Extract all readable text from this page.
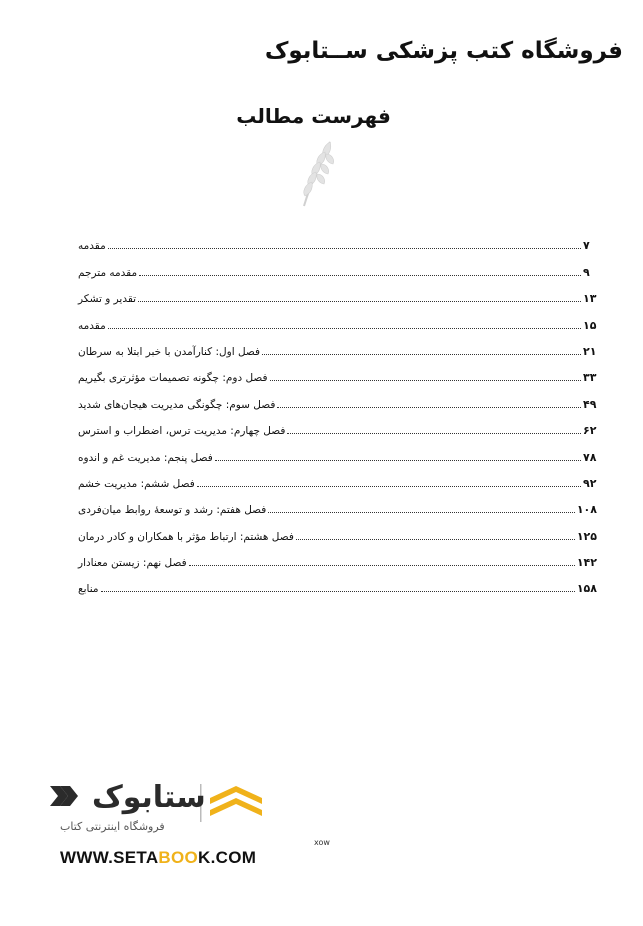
فروشگاه کتب پزشکی ســتابوک
فهرست مطالب
مقدمه	۷
مقدمه مترجم	۹
تقدیر و تشکر	۱۳
مقدمه	۱۵
فصل اول: کنارآمدن با خبر ابتلا به سرطان	۲۱
فصل دوم: چگونه تصمیمات مؤثرتری بگیریم	۳۳
فصل سوم: چگونگی مدیریت هیجان‌های شدید	۴۹
فصل چهارم: مدیریت ترس، اضطراب و استرس	۶۲
فصل پنجم: مدیریت غم و اندوه	۷۸
فصل ششم: مدیریت خشم	۹۲
فصل هفتم: رشد و توسعهٔ روابط میان‌فردی	۱۰۸
فصل هشتم: ارتباط مؤثر با همکاران و کادر درمان	۱۲۵
فصل نهم: زیستن معنادار	۱۴۲
منابع	۱۵۸
ستابوک
فروشگاه اینترنتی کتاب
xow
WWW.SETABOOK.COM
